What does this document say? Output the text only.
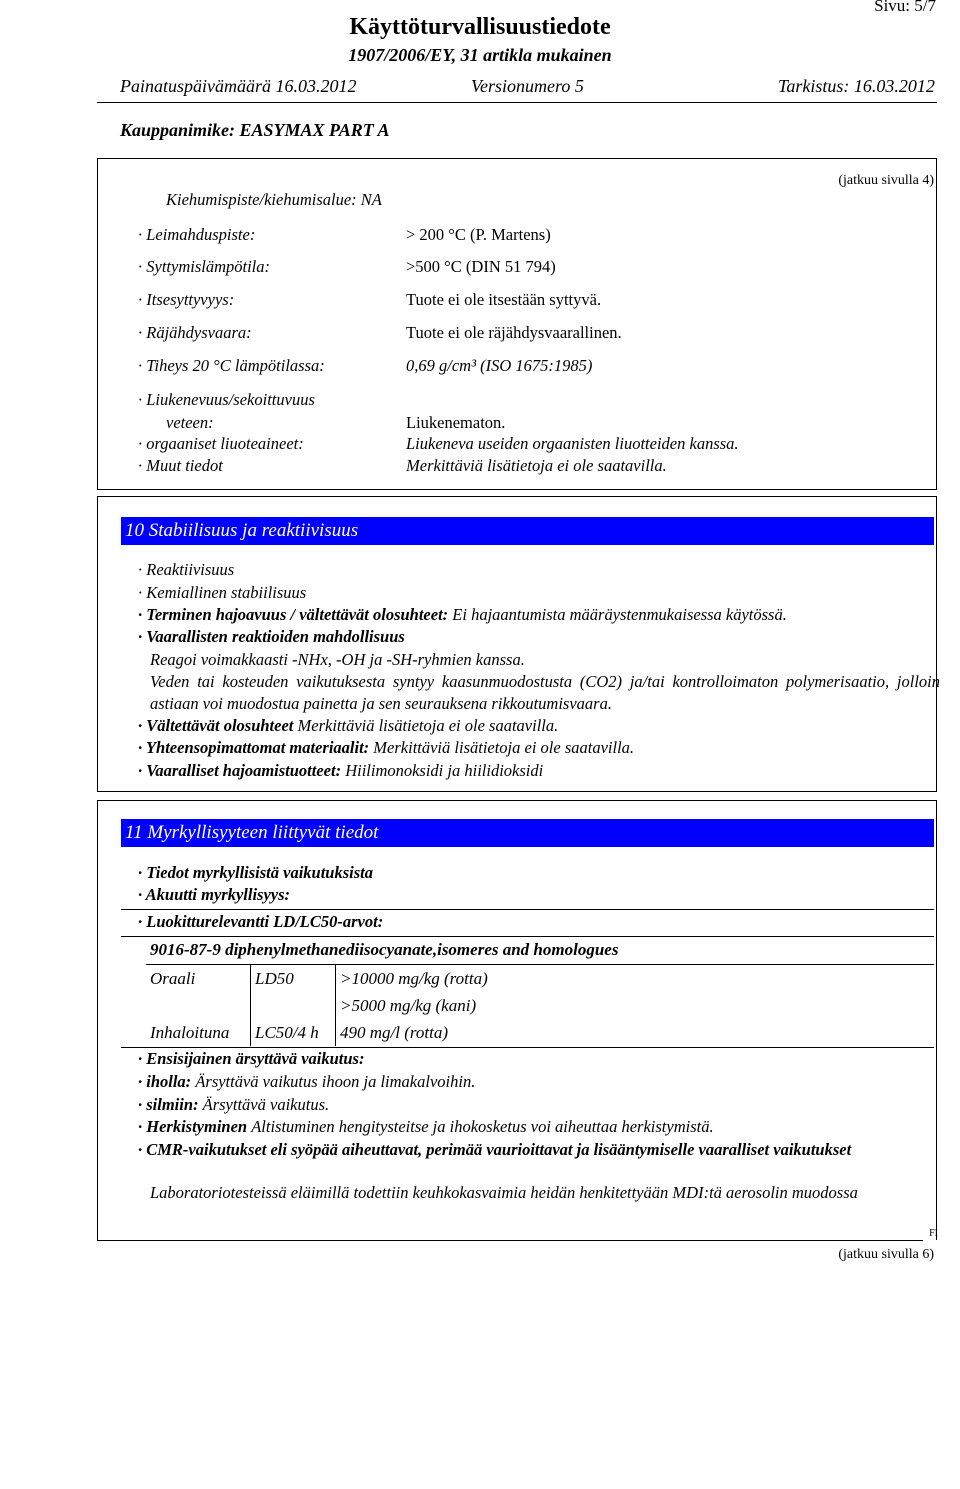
Sivu: 5/7
Käyttöturvallisuustiedote
1907/2006/EY, 31 artikla mukainen
Painatuspäivämäärä 16.03.2012	Versionumero 5	Tarkistus: 16.03.2012
Kauppanimike: EASYMAX PART A
(jatkuu sivulla 4)
Kiehumispiste/kiehumisalue: NA
· Leimahduspiste:	> 200 °C (P. Martens)
· Syttymislämpötila:	>500 °C (DIN 51 794)
· Itsesyttyvyys:	Tuote ei ole itsestään syttyvä.
· Räjähdysvaara:	Tuote ei ole räjähdysvaarallinen.
· Tiheys 20 °C lämpötilassa:	0,69 g/cm³ (ISO 1675:1985)
· Liukenevuus/sekoittuvuus
veteen:	Liukenematon.
· orgaaniset liuoteaineet:	Liukeneva useiden orgaanisten liuotteiden kanssa.
· Muut tiedot	Merkittäviä lisätietoja ei ole saatavilla.
10 Stabiilisuus ja reaktiivisuus
· Reaktiivisuus
· Kemiallinen stabiilisuus
· Terminen hajoavuus / vältettävät olosuhteet: Ei hajaantumista määräystenmukaisessa käytössä.
· Vaarallisten reaktioiden mahdollisuus
Reagoi voimakkaasti -NHx, -OH ja -SH-ryhmien kanssa.
Veden tai kosteuden vaikutuksesta syntyy kaasunmuodostusta (CO2) ja/tai kontrolloimaton polymerisaatio, jolloin astiaan voi muodostua painetta ja sen seurauksena rikkoutumisvaara.
· Vältettävät olosuhteet Merkittäviä lisätietoja ei ole saatavilla.
· Yhteensopimattomat materiaalit: Merkittäviä lisätietoja ei ole saatavilla.
· Vaaralliset hajoamistuotteet: Hiilimonoksidi ja hiilidioksidi
11 Myrkyllisyyteen liittyvät tiedot
· Tiedot myrkyllisistä vaikutuksista
· Akuutti myrkyllisyys:
· Luokitturelevantti LD/LC50-arvot:
9016-87-9 diphenylmethanediisocyanate,isomeres and homologues
Oraali	LD50	>10000 mg/kg (rotta)
		>5000 mg/kg (kani)
Inhaloituna	LC50/4 h	490 mg/l (rotta)
· Ensisijainen ärsyttävä vaikutus:
· iholla: Ärsyttävä vaikutus ihoon ja limakalvoihin.
· silmiin: Ärsyttävä vaikutus.
· Herkistyminen Altistuminen hengitysteitse ja ihokosketus voi aiheuttaa herkistymistä.
· CMR-vaikutukset eli syöpää aiheuttavat, perimää vaurioittavat ja lisääntymiselle vaaralliset vaikutukset
Laboratoriotesteissä eläimillä todettiin keuhkokasvaimia heidän henkitettyään MDI:tä aerosolin muodossa
FI
(jatkuu sivulla 6)
